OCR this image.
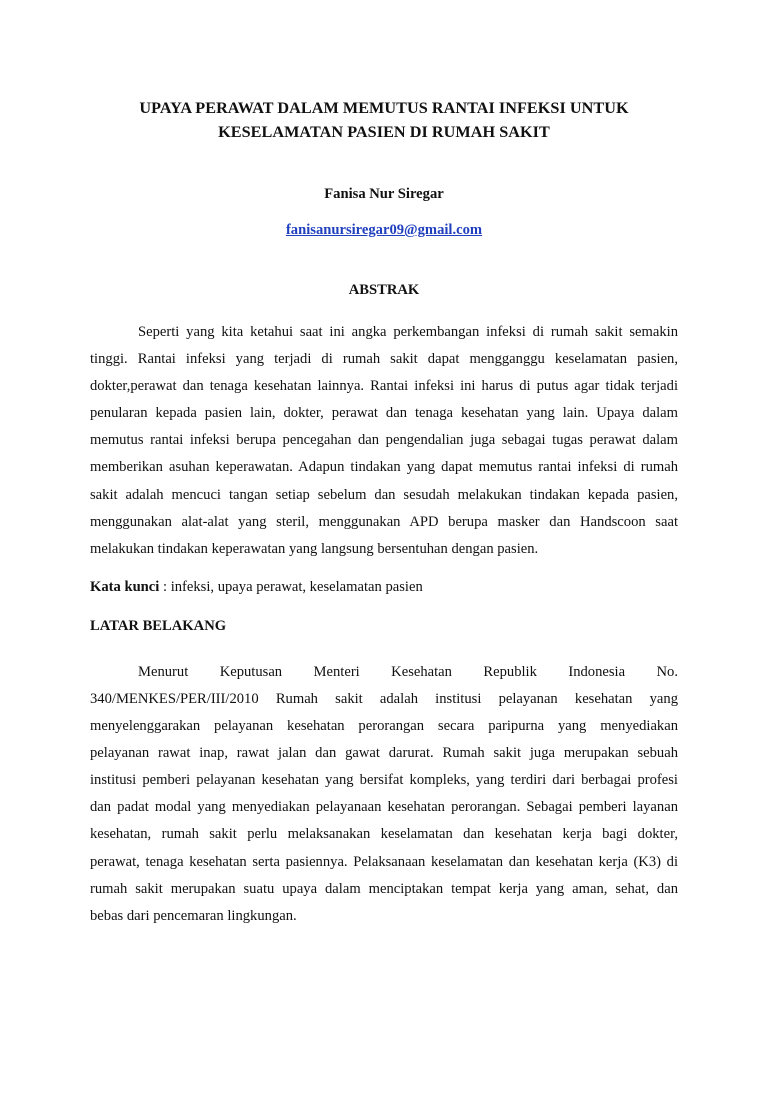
UPAYA PERAWAT DALAM MEMUTUS RANTAI INFEKSI UNTUK
KESELAMATAN PASIEN DI RUMAH SAKIT
Fanisa Nur Siregar
fanisanursiregar09@gmail.com
ABSTRAK
Seperti yang kita ketahui saat ini angka perkembangan infeksi di rumah sakit semakin
tinggi. Rantai infeksi yang terjadi di rumah sakit dapat mengganggu keselamatan pasien,
dokter,perawat dan tenaga kesehatan lainnya. Rantai infeksi ini harus di putus agar tidak terjadi
penularan kepada pasien lain, dokter, perawat dan tenaga kesehatan yang lain. Upaya dalam
memutus rantai infeksi berupa pencegahan dan pengendalian juga sebagai tugas perawat dalam
memberikan asuhan keperawatan. Adapun tindakan yang dapat memutus rantai infeksi di rumah
sakit adalah mencuci tangan setiap sebelum dan sesudah melakukan tindakan kepada pasien,
menggunakan alat-alat yang steril, menggunakan APD berupa masker dan Handscoon saat
melakukan tindakan keperawatan yang langsung bersentuhan dengan pasien.
Kata kunci : infeksi, upaya perawat, keselamatan pasien
LATAR BELAKANG
Menurut Keputusan Menteri Kesehatan Republik Indonesia No.
340/MENKES/PER/III/2010 Rumah sakit adalah institusi pelayanan kesehatan yang
menyelenggarakan pelayanan kesehatan perorangan secara paripurna yang menyediakan
pelayanan rawat inap, rawat jalan dan gawat darurat. Rumah sakit juga merupakan sebuah
institusi pemberi pelayanan kesehatan yang bersifat kompleks, yang terdiri dari berbagai profesi
dan padat modal yang menyediakan pelayanaan kesehatan perorangan. Sebagai pemberi layanan
kesehatan, rumah sakit perlu melaksanakan keselamatan dan kesehatan kerja bagi dokter,
perawat, tenaga kesehatan serta pasiennya. Pelaksanaan keselamatan dan kesehatan kerja (K3) di
rumah sakit merupakan suatu upaya dalam menciptakan tempat kerja yang aman, sehat, dan
bebas dari pencemaran lingkungan.
